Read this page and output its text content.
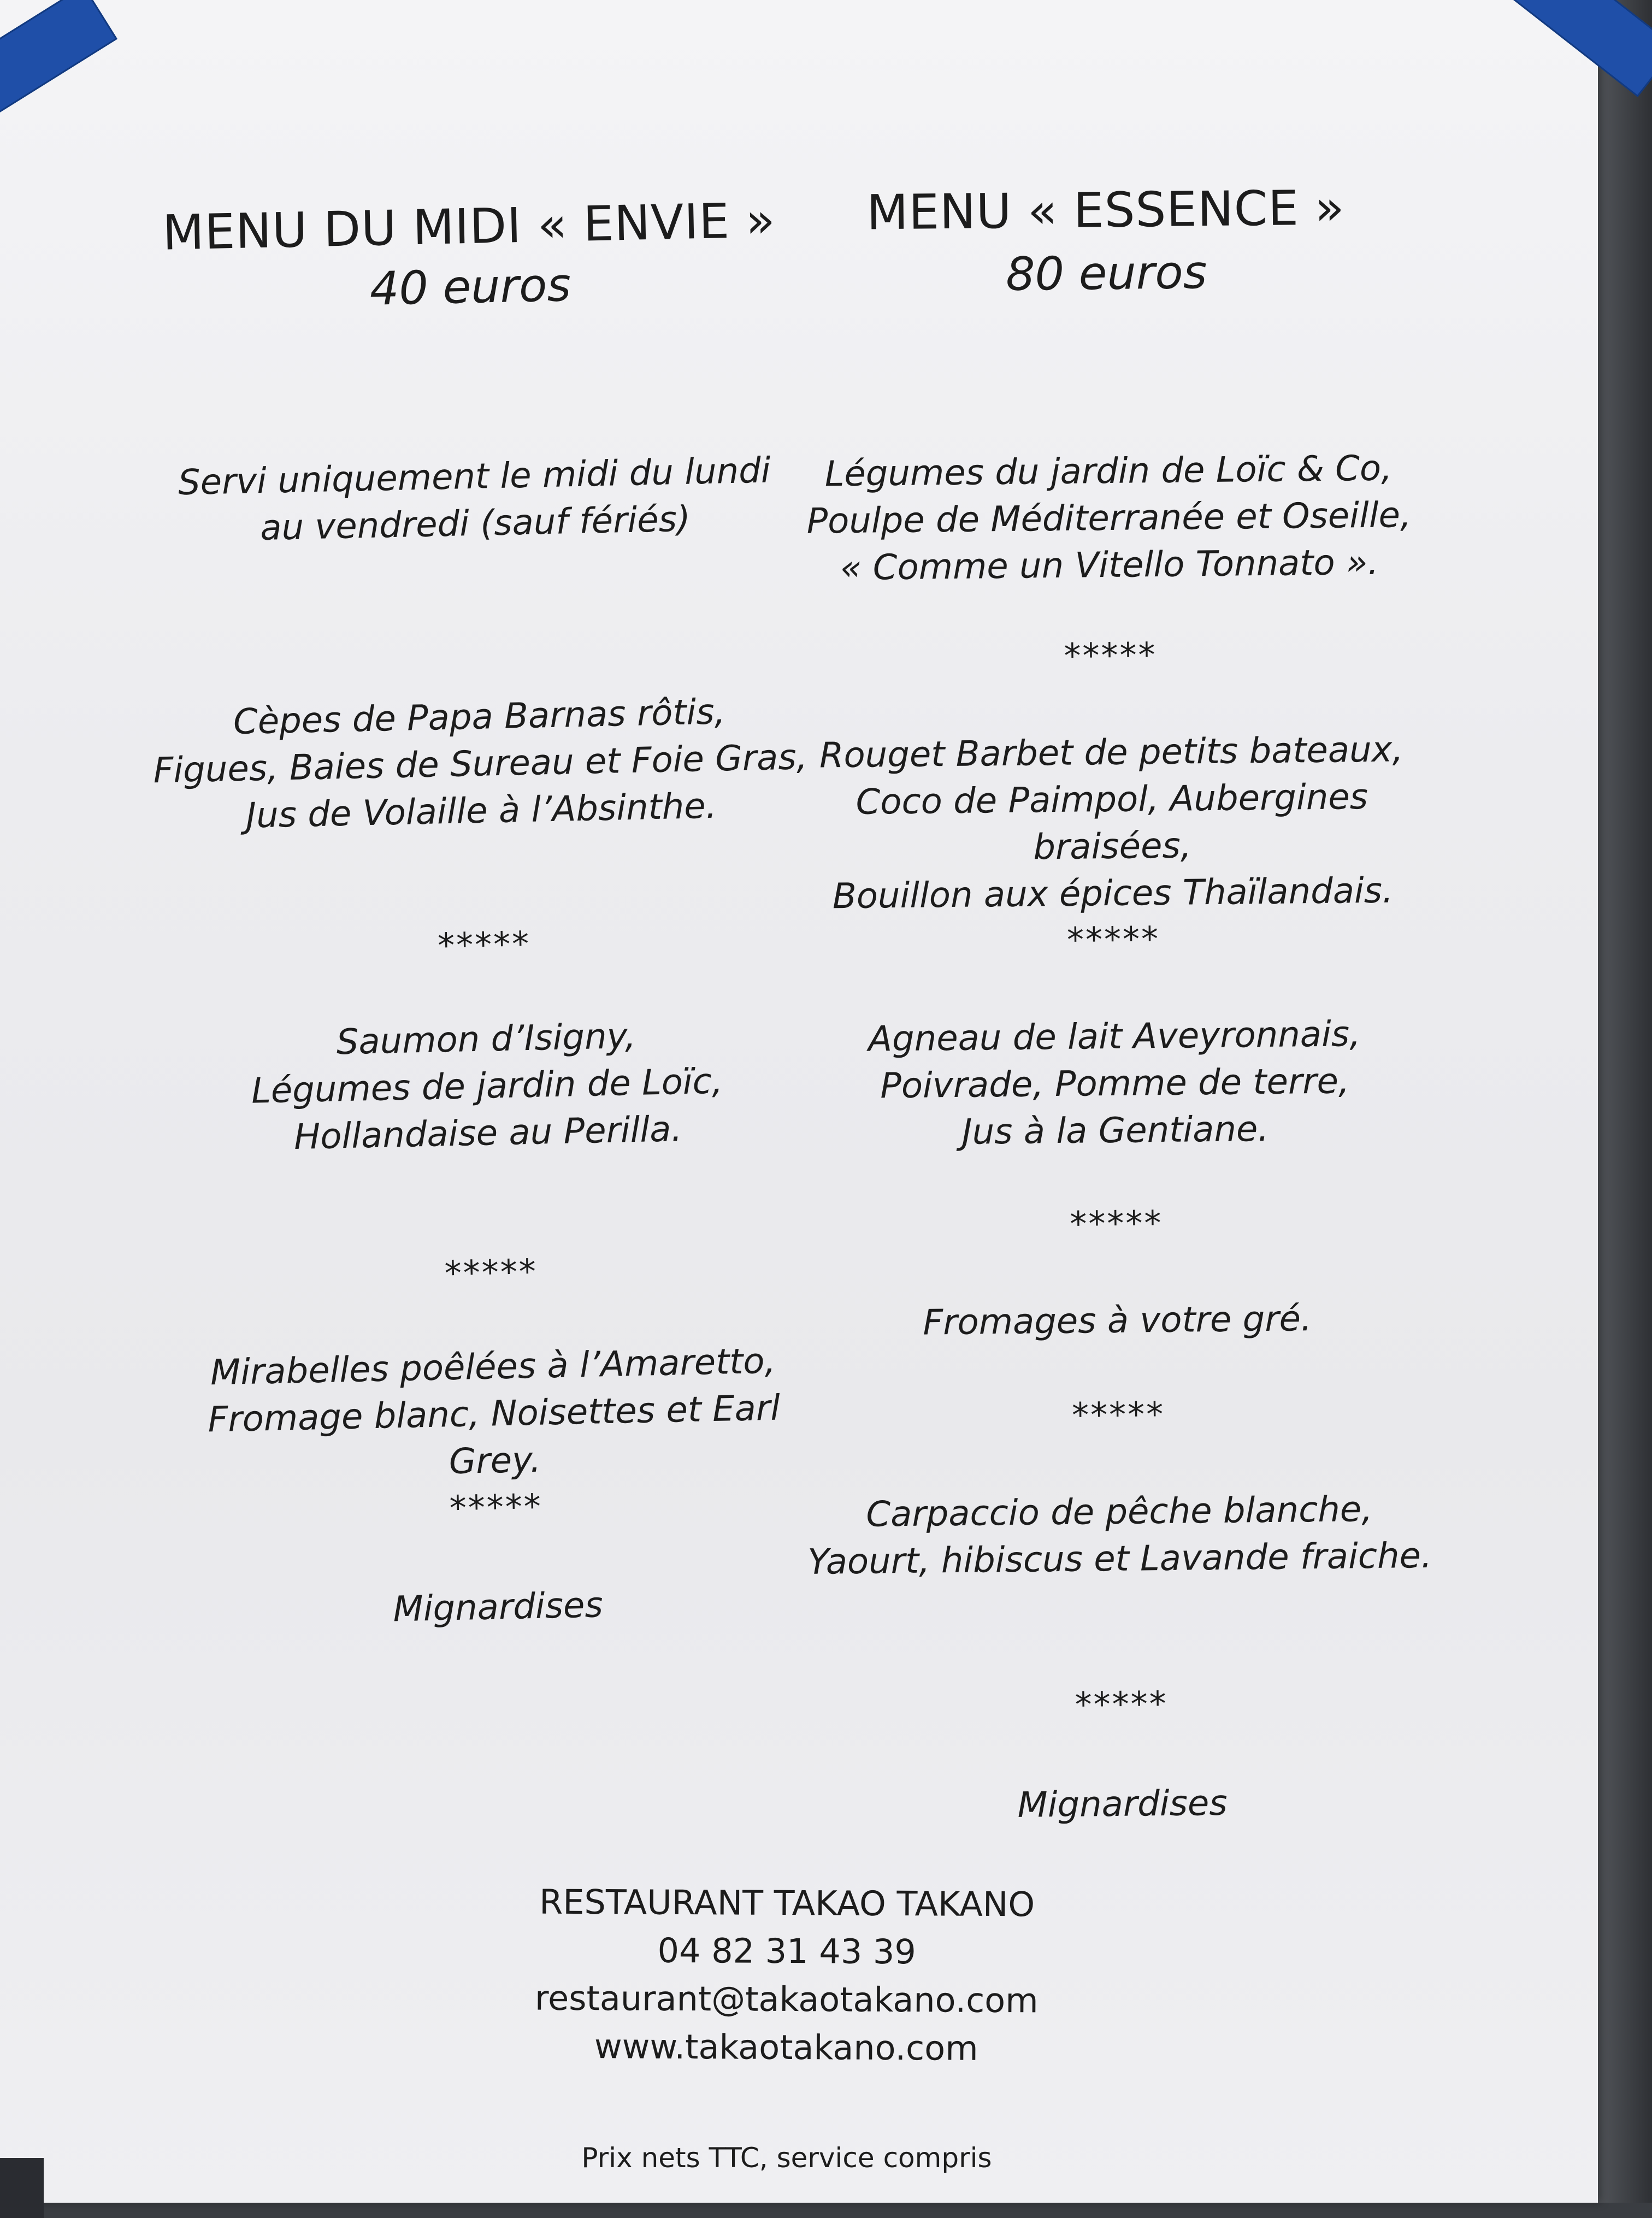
MENU DU MIDI « ENVIE »
40 euros
Servi uniquement le midi du lundi
au vendredi (sauf fériés)
Cèpes de Papa Barnas rôtis,
Figues, Baies de Sureau et Foie Gras,
Jus de Volaille à l’Absinthe.
*****
Saumon d’Isigny,
Légumes de jardin de Loïc,
Hollandaise au Perilla.
*****
Mirabelles poêlées à l’Amaretto,
Fromage blanc, Noisettes et Earl Grey.
*****
Mignardises
MENU « ESSENCE »
80 euros
Légumes du jardin de Loïc & Co,
Poulpe de Méditerranée et Oseille,
« Comme un Vitello Tonnato ».
*****
Rouget Barbet de petits bateaux,
Coco de Paimpol, Aubergines braisées,
Bouillon aux épices Thaïlandais.
*****
Agneau de lait Aveyronnais,
Poivrade, Pomme de terre,
Jus à la Gentiane.
*****
Fromages à votre gré.
*****
Carpaccio de pêche blanche,
Yaourt, hibiscus et Lavande fraiche.
*****
Mignardises
RESTAURANT TAKAO TAKANO
04 82 31 43 39
restaurant@takaotakano.com
www.takaotakano.com
Prix nets TTC, service compris
